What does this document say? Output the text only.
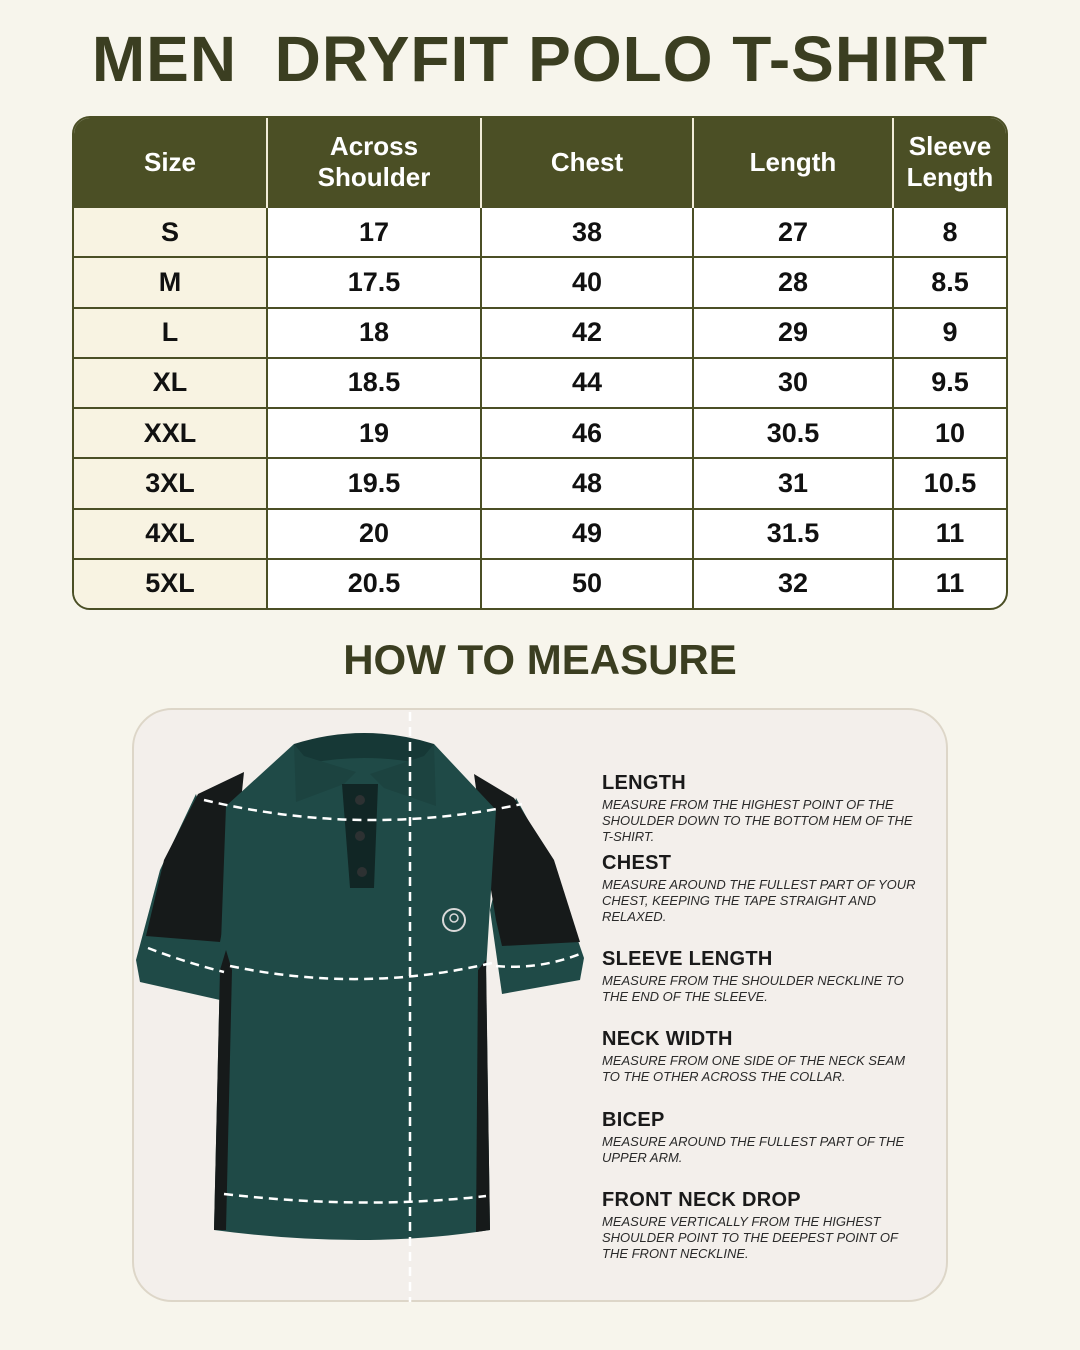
MEN  DRYFIT POLO T-SHIRT
Size	Across Shoulder	Chest	Length	Sleeve Length
S	17	38	27	8
M	17.5	40	28	8.5
L	18	42	29	9
XL	18.5	44	30	9.5
XXL	19	46	30.5	10
3XL	19.5	48	31	10.5
4XL	20	49	31.5	11
5XL	20.5	50	32	11
HOW TO MEASURE
LENGTH
MEASURE FROM THE HIGHEST POINT OF THE SHOULDER DOWN TO THE BOTTOM HEM OF THE T-SHIRT.
CHEST
MEASURE AROUND THE FULLEST PART OF YOUR CHEST, KEEPING THE TAPE STRAIGHT AND RELAXED.
SLEEVE LENGTH
MEASURE FROM THE SHOULDER NECKLINE TO THE END OF THE SLEEVE.
NECK WIDTH
MEASURE FROM ONE SIDE OF THE NECK SEAM TO THE OTHER ACROSS THE COLLAR.
BICEP
MEASURE AROUND THE FULLEST PART OF THE UPPER ARM.
FRONT NECK DROP
MEASURE VERTICALLY FROM THE HIGHEST SHOULDER POINT TO THE DEEPEST POINT OF THE FRONT NECKLINE.
